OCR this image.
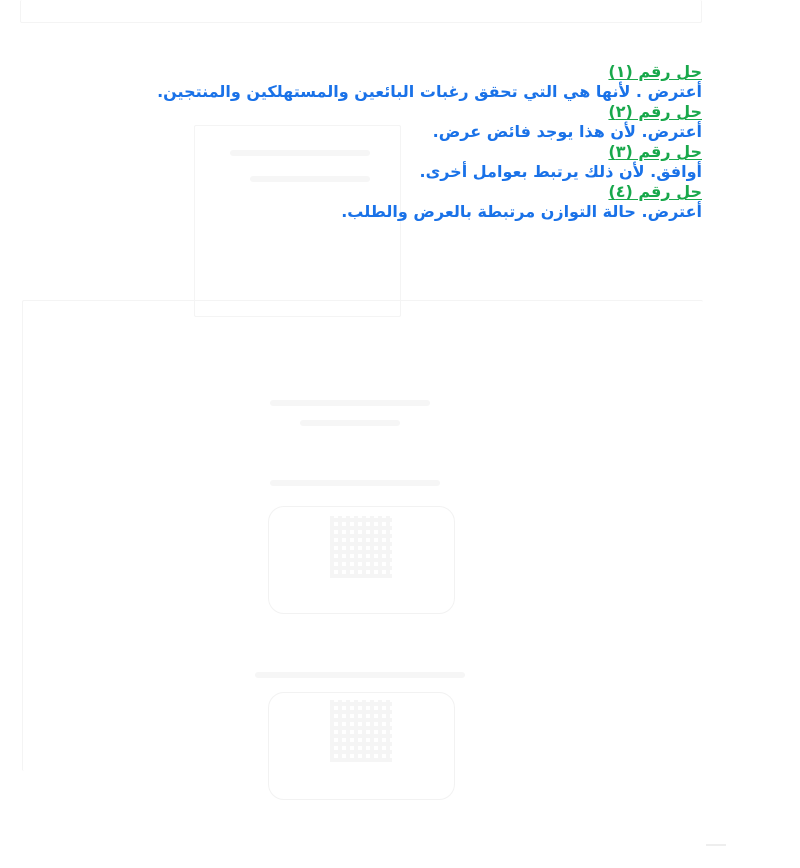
حل رقم (١)
أعترض . لأنها هي التي تحقق رغبات البائعين والمستهلكين والمنتجين.
حل رقم (٢)
أعترض. لأن هذا يوجد فائض عرض.
حل رقم (٣)
أوافق. لأن ذلك يرتبط بعوامل أخرى.
حل رقم (٤)
أعترض. حالة التوازن مرتبطة بالعرض والطلب.
